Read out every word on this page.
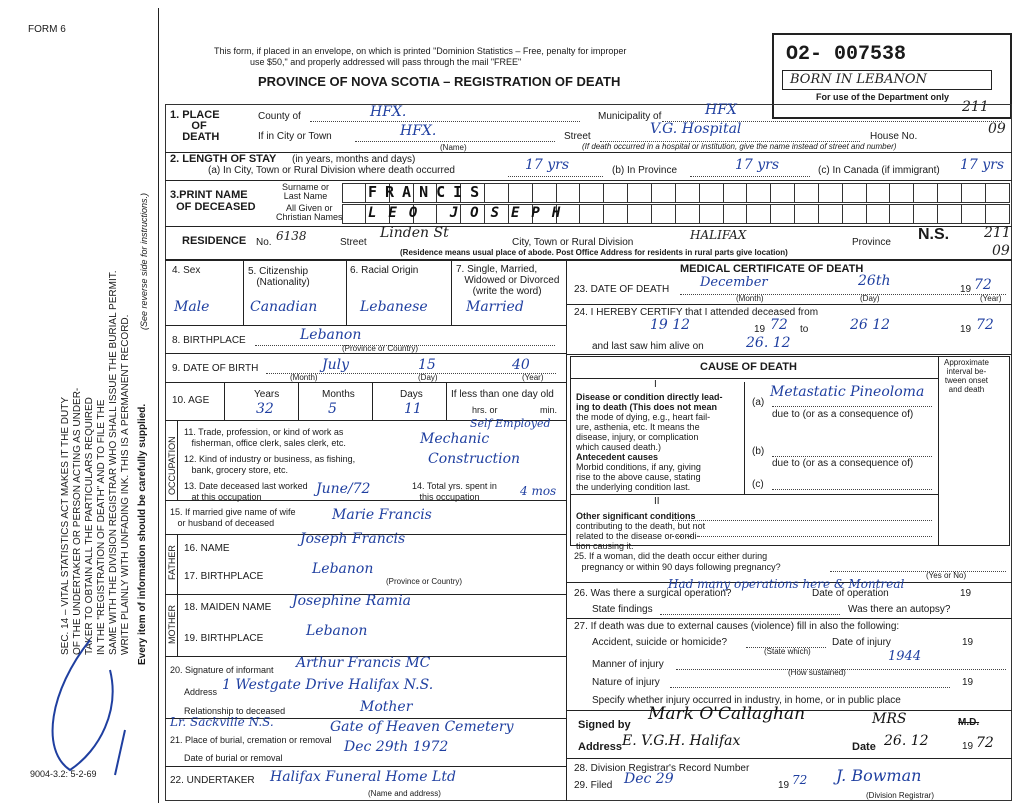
FORM 6
This form, if placed in an envelope, on which is printed "Dominion Statistics – Free, penalty for improper
use $50," and properly addressed will pass through the mail "FREE"
PROVINCE OF NOVA SCOTIA – REGISTRATION OF DEATH
O2- 007538
BORN IN LEBANON
For use of the Department only
211
SEC. 14 – VITAL STATISTICS ACT MAKES IT THE DUTY OF THE UNDERTAKER OR PERSON ACTING AS UNDER- TAKER TO OBTAIN ALL THE PARTICULARS REQUIRED IN THE "REGISTRATION OF DEATH" AND TO FILE THE SAME WITH THE DIVISION REGISTRAR WHO SHALL ISSUE THE BURIAL PERMIT. WRITE PLAINLY WITH UNFADING INK. THIS IS A PERMANENT RECORD. Every item of information should be carefully supplied.
(See reverse side for instructions.)
9004-3.2: 5-2-69
1. PLACE
OF
DEATH
County of	HFX.	Municipality of	HFX
If in City or Town	HFX.
(Name)
Street	V.G. Hospital	House No.	09
(If death occurred in a hospital or institution, give the name instead of street and number)
2. LENGTH OF STAY (in years, months and days)
(a) In City, Town or Rural Division where death occurred	17 yrs	(b) In Province	17 yrs	(c) In Canada (if immigrant) 17 yrs
3.PRINT NAME
OF DECEASED
Surname or
Last Name
All Given or
Christian Names
FRANCIS
LEO JOSEPH
RESIDENCE No. 6138	Street
Linden St
City, Town or Rural Division
HALIFAX
Province N.S. 211
09
(Residence means usual place of abode. Post Office Address for residents in rural parts give location)
4. Sex
Male
5. Citizenship
(Nationality)
Canadian
6. Racial Origin
Lebanese
7. Single, Married,
Widowed or Divorced
(write the word)
Married
8. BIRTHPLACE	Lebanon
(Province or Country)
9. DATE OF BIRTH	July	15	40
(Month)	(Day)	(Year)
10. AGE
Years
32
Months
5
Days
11
If less than one day old
hrs. or	min.
OCCUPATION
11. Trade, profession, or kind of work as
fisherman, office clerk, sales clerk, etc.	Mechanic
Self Employed
12. Kind of industry or business, as fishing,
bank, grocery store, etc.
Construction
13. Date deceased last worked
at this occupation	June/72	14. Total yrs. spent in
this occupation	4 mos
15. If married give name of wife
or husband of deceased	Marie Francis
FATHER 16. NAME
Joseph Francis
17. BIRTHPLACE	Lebanon
(Province or Country)
MOTHER 18. MAIDEN NAME Josephine Ramia
19. BIRTHPLACE	Lebanon
20. Signature of informant Arthur Francis MC
Address 1 Westgate Drive Halifax N.S.
Relationship to deceased	Mother
Lr. Sackville N.S.
21. Place of burial, cremation or removal
Gate of Heaven Cemetery
Date of burial or removal
Dec 29th 1972
22. UNDERTAKER Halifax Funeral Home Ltd
(Name and address)
MEDICAL CERTIFICATE OF DEATH
23. DATE OF DEATH December	26th
19 72
(Month)	(Day)	(Year)
24. I HEREBY CERTIFY that I attended deceased from
19 12	19 72 to	26 12	19 72
and last saw him alive on	26. 12
CAUSE OF DEATH	Approximate
interval be-
tween onset
and death
I
Disease or condition directly lead-
ing to death (This does not mean
the mode of dying, e.g., heart fail-
ure, asthenia, etc. It means the
disease, injury, or complication
which caused death.)
(a)
Metastatic Pineoloma
due to (or as a consequence of)
Antecedent causes
Morbid conditions, if any, giving
rise to the above cause, stating
the underlying condition last.
(b)
due to (or as a consequence of)
(c)
II
Other significant conditions
contributing to the death, but not
related to the disease or condi-
tion causing it.
25. If a woman, did the death occur either during
pregnancy or within 90 days following pregnancy?
(Yes or No)
26. Was there a surgical operation?
Had many operations here & Montreal
Date of operation	19
State findings	Was there an autopsy?
27. If death was due to external causes (violence) fill in also the following:
Accident, suicide or homicide?
(State which)
Date of injury	19
Manner of injury
1944
(How sustained)
Nature of injury	19
Specify whether injury occurred in industry, in home, or in public place
Signed by
Mark O'Callaghan	MRS	M.D.
Address E. V.G.H. Halifax	Date 26. 12	19 72
28. Division Registrar's Record Number
29. Filed Dec 29	19 72 J. Bowman
(Division Registrar)
